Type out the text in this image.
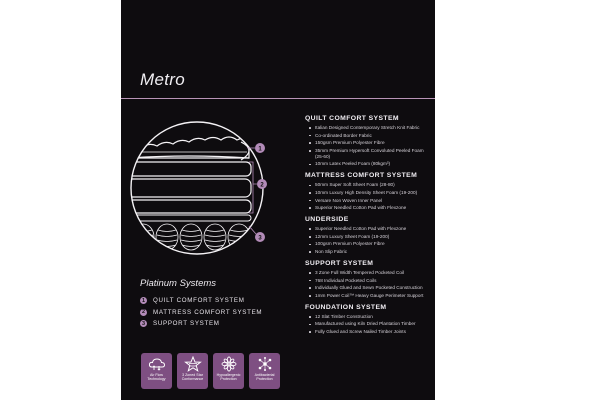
Metro
1
2
3
Platinum Systems
1	QUILT COMFORT SYSTEM
2	MATTRESS COMFORT SYSTEM
3	SUPPORT SYSTEM
Air Flow Technology
3 Zoned Star Conformance
Hypoallergenic Protection
Antibacterial Protection
QUILT COMFORT SYSTEM
Italian Designed Contemporary Stretch Knit Fabric
Co-ordinated Border Fabric
150gsm Premium Polyester Fibre
35mm Premium Hypersoft Convoluted Peeled Foam (25-60)
10mm Latex Peeled Foam (80kgm³)
MATTRESS COMFORT SYSTEM
50mm Super Soft Sheet Foam (28-80)
10mm Luxury High Density Sheet Foam (19-200)
Versare Non Woven Inner Panel
Superior Needled Cotton Pad with Flexzone
UNDERSIDE
Superior Needled Cotton Pad with Flexzone
12mm Luxury Sheet Foam (19-200)
100gsm Premium Polyester Fibre
Non Slip Fabric
SUPPORT SYSTEM
3 Zone Full Width Tempered Pocketed Coil
768 Individual Pocketed Coils
Individually Glued and Sewn Pocketed Construction
1mm Power Coil™ Heavy Gauge Perimeter Support
FOUNDATION SYSTEM
12 Slat Timber Construction
Manufactured using Kiln Dried Plantation Timber
Fully Glued and Screw Nailed Timber Joints
